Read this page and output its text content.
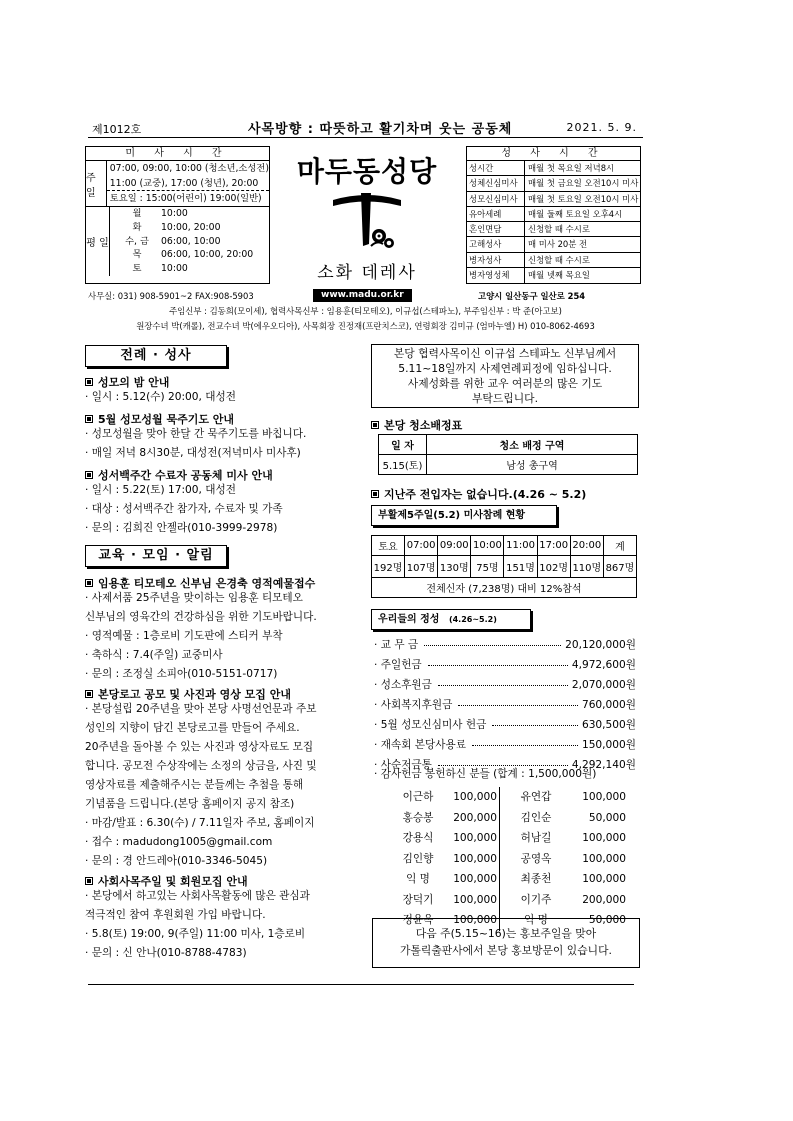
제1012호	사목방향 : 따뜻하고 활기차며 웃는 공동체	2021. 5. 9.
미 사 시 간
주 일
07:00, 09:00, 10:00 (청소년,소성전)
11:00 (교중), 17:00 (청년), 20:00
토요일 : 15:00(어린이) 19:00(일반)
평 일
월 10:00
화 10:00, 20:00
수, 금 06:00, 10:00
목 06:00, 10:00, 20:00
토 10:00
마두동성당
소화 데레사
성 사 시 간
성시간	매월 첫 목요일 저녁8시
성체신심미사	매월 첫 금요일 오전10시 미사
성모신심미사	매월 첫 토요일 오전10시 미사
유아세례	매월 둘째 토요일 오후4시
혼인면담	신청할 때 수시로
고해성사	매 미사 20분 전
병자성사	신청할 때 수시로
병자영성체	매월 넷째 목요일
사무실: 031) 908-5901~2 FAX:908-5903	www.madu.or.kr	고양시 일산동구 일산로 254
주임신부 : 김동희(모이세), 협력사목신부 : 임용훈(티모테오), 이규섭(스테파노), 부주임신부 : 박 준(아고보)
원장수녀 박(캐롤), 전교수녀 박(에우오디아), 사목회장 진정재(프란치스코), 연령회장 김미규 (엄마누엘) H) 010-8062-4693
전례 · 성사
성모의 밤 안내
· 일시 : 5.12(수) 20:00, 대성전
5월 성모성월 묵주기도 안내
· 성모성월을 맞아 한달 간 묵주기도를 바칩니다.
· 매일 저녁 8시30분, 대성전(저녁미사 미사후)
성서백주간 수료자 공동체 미사 안내
· 일시 : 5.22(토) 17:00, 대성전
· 대상 : 성서백주간 참가자, 수료자 및 가족
· 문의 : 김희진 안젤라(010-3999-2978)
교육 · 모임 · 알림
임용훈 티모테오 신부님 은경축 영적예물접수
· 사제서품 25주년을 맞이하는 임용훈 티모테오
신부님의 영육간의 건강하심을 위한 기도바랍니다.
· 영적예물 : 1층로비 기도판에 스티커 부착
· 축하식 : 7.4(주일) 교중미사
· 문의 : 조정실 소피아(010-5151-0717)
본당로고 공모 및 사진과 영상 모집 안내
· 본당설립 20주년을 맞아 본당 사명선언문과 주보
성인의 지향이 담긴 본당로고를 만들어 주세요.
20주년을 돌아볼 수 있는 사진과 영상자료도 모집
합니다. 공모전 수상작에는 소정의 상금을, 사진 및
영상자료를 제출해주시는 분들께는 추첨을 통해
기념품을 드립니다.(본당 홈페이지 공지 참조)
· 마감/발표 : 6.30(수) / 7.11일자 주보, 홈페이지
· 접수 : madudong1005@gmail.com
· 문의 : 경 안드레아(010-3346-5045)
사회사목주일 및 회원모집 안내
· 본당에서 하고있는 사회사목활동에 많은 관심과
적극적인 참여 후원회원 가입 바랍니다.
· 5.8(토) 19:00, 9(주일) 11:00 미사, 1층로비
· 문의 : 신 안나(010-8788-4783)
본당 협력사목이신 이규섭 스테파노 신부님께서
5.11~18일까지 사제연례피정에 임하십니다.
사제성화를 위한 교우 여러분의 많은 기도
부탁드립니다.
본당 청소배정표
일 자	청소 배정 구역
5.15(토)	남성 총구역
지난주 전입자는 없습니다.(4.26 ~ 5.2)
부활제5주일(5.2) 미사참례 현황
토요	07:00	09:00	10:00	11:00	17:00	20:00	계
192명	107명	130명	75명	151명	102명	110명	867명
전체신자 (7,238명) 대비 12%참석							
우리들의 정성 (4.26~5.2)
· 교 무 금	20,120,000원
· 주일헌금	4,972,600원
· 성소후원금	2,070,000원
· 사회복지후원금	760,000원
· 5월 성모신심미사 헌금	630,500원
· 재속회 본당사용료	150,000원
· 사순저금통	4,292,140원
· 감사헌금 봉헌하신 분들 (합계 : 1,500,000원)
이근하	100,000	유연갑	100,000
홍승봉	200,000	김인순	50,000
강용식	100,000	허남길	100,000
김인향	100,000	공영옥	100,000
익 명	100,000	최종천	100,000
장덕기	100,000	이기주	200,000
정윤옥	100,000	익 명	50,000
다음 주(5.15~16)는 홍보주일을 맞아
가톨릭출판사에서 본당 홍보방문이 있습니다.
